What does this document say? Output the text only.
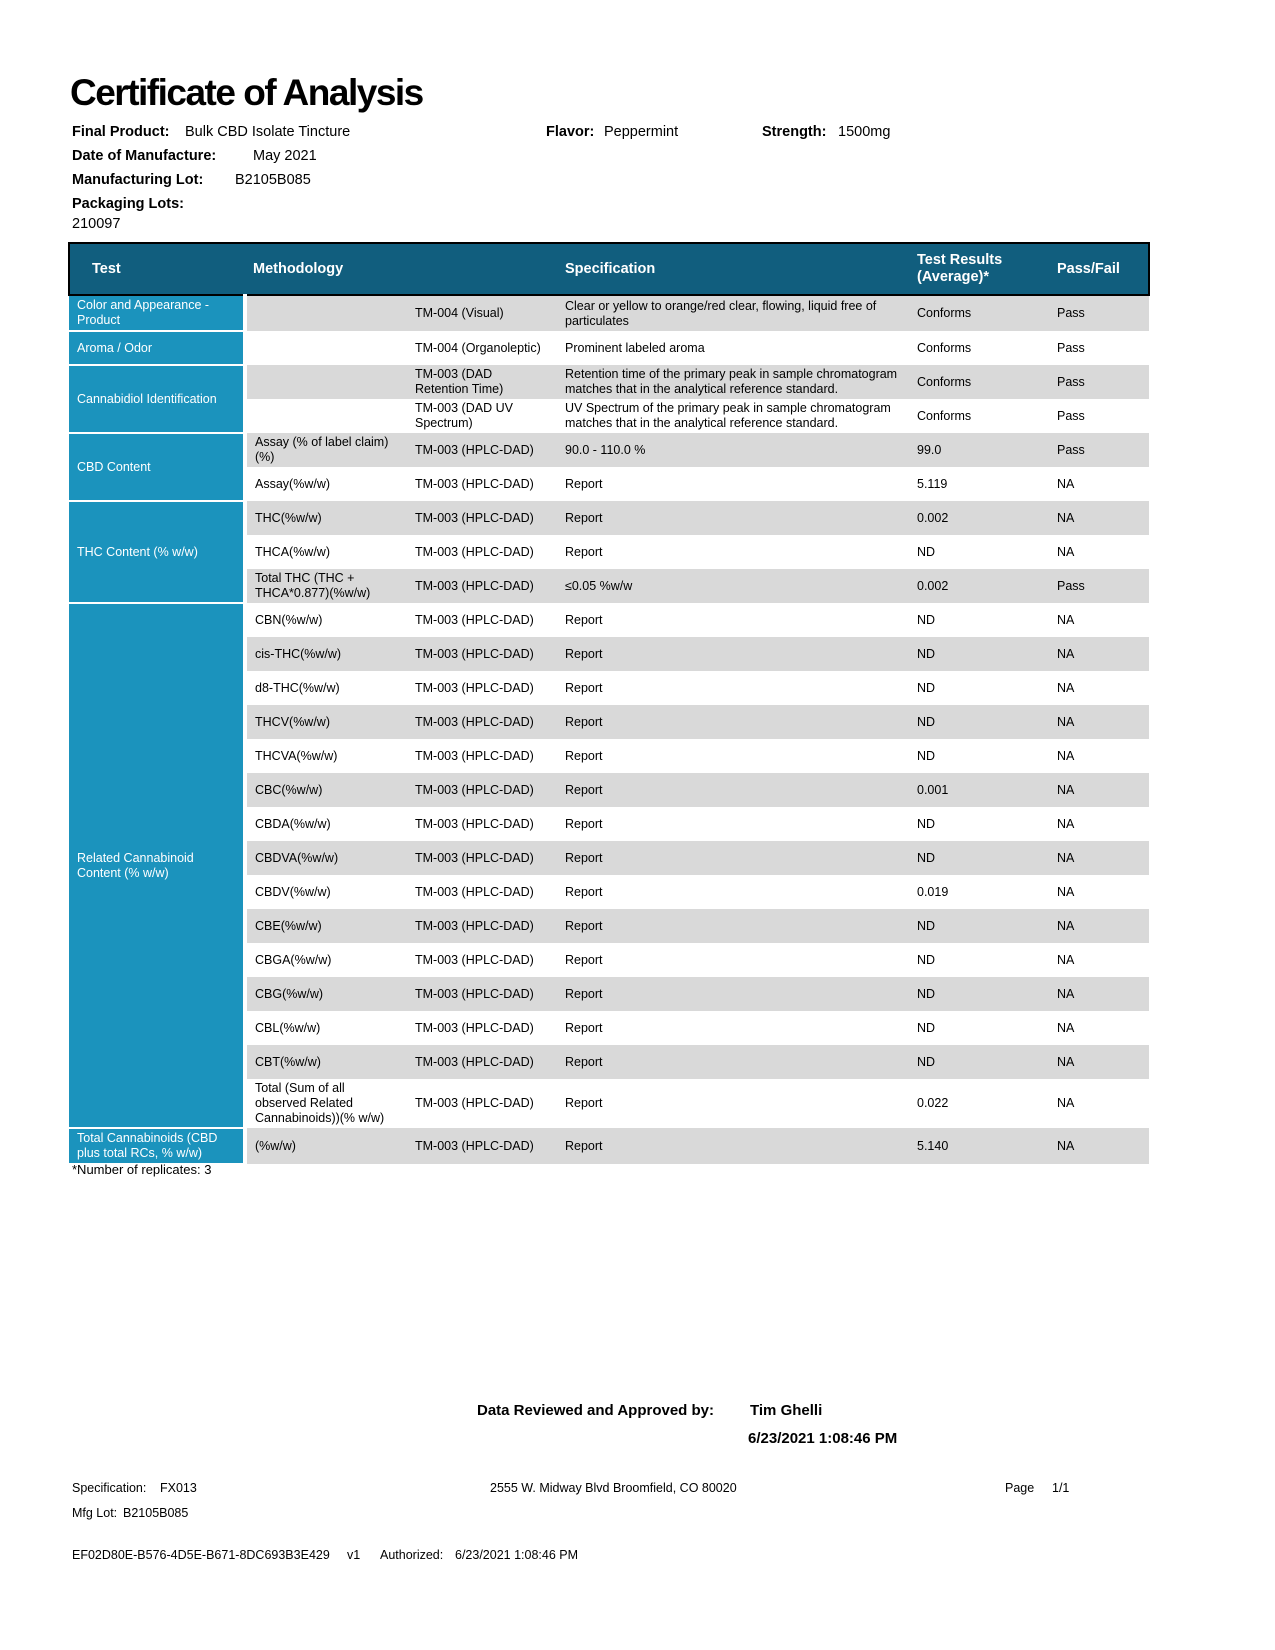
Certificate of Analysis
Final Product: Bulk CBD Isolate Tincture	Flavor: Peppermint	Strength: 1500mg
Date of Manufacture:	May 2021
Manufacturing Lot: B2105B085
Packaging Lots:
210097
Test	Methodology		Specification	Test Results (Average)*	Pass/Fail
Color and Appearance - Product		TM-004 (Visual)	Clear or yellow to orange/red clear, flowing, liquid free of particulates	Conforms	Pass
Aroma / Odor		TM-004 (Organoleptic)	Prominent labeled aroma	Conforms	Pass
Cannabidiol Identification		TM-003 (DAD Retention Time)	Retention time of the primary peak in sample chromatogram matches that in the analytical reference standard.	Conforms	Pass
		TM-003 (DAD UV Spectrum)	UV Spectrum of the primary peak in sample chromatogram matches that in the analytical reference standard.	Conforms	Pass
CBD Content	Assay (% of label claim)(%)	TM-003 (HPLC-DAD)	90.0 - 110.0 %	99.0	Pass
	Assay(%w/w)	TM-003 (HPLC-DAD)	Report	5.119	NA
THC Content (% w/w)	THC(%w/w)	TM-003 (HPLC-DAD)	Report	0.002	NA
	THCA(%w/w)	TM-003 (HPLC-DAD)	Report	ND	NA
	Total THC (THC + THCA*0.877)(%w/w)	TM-003 (HPLC-DAD)	≤0.05 %w/w	0.002	Pass
Related Cannabinoid Content (% w/w)	CBN(%w/w)	TM-003 (HPLC-DAD)	Report	ND	NA
	cis-THC(%w/w)	TM-003 (HPLC-DAD)	Report	ND	NA
	d8-THC(%w/w)	TM-003 (HPLC-DAD)	Report	ND	NA
	THCV(%w/w)	TM-003 (HPLC-DAD)	Report	ND	NA
	THCVA(%w/w)	TM-003 (HPLC-DAD)	Report	ND	NA
	CBC(%w/w)	TM-003 (HPLC-DAD)	Report	0.001	NA
	CBDA(%w/w)	TM-003 (HPLC-DAD)	Report	ND	NA
	CBDVA(%w/w)	TM-003 (HPLC-DAD)	Report	ND	NA
	CBDV(%w/w)	TM-003 (HPLC-DAD)	Report	0.019	NA
	CBE(%w/w)	TM-003 (HPLC-DAD)	Report	ND	NA
	CBGA(%w/w)	TM-003 (HPLC-DAD)	Report	ND	NA
	CBG(%w/w)	TM-003 (HPLC-DAD)	Report	ND	NA
	CBL(%w/w)	TM-003 (HPLC-DAD)	Report	ND	NA
	CBT(%w/w)	TM-003 (HPLC-DAD)	Report	ND	NA
	Total (Sum of all observed Related Cannabinoids))(% w/w)	TM-003 (HPLC-DAD)	Report	0.022	NA
Total Cannabinoids (CBD plus total RCs, % w/w)	(%w/w)	TM-003 (HPLC-DAD)	Report	5.140	NA
*Number of replicates: 3
Data Reviewed and Approved by: Tim Ghelli
6/23/2021 1:08:46 PM
Specification: FX013	2555 W. Midway Blvd Broomfield, CO 80020	Page 1/1
Mfg Lot: B2105B085
EF02D80E-B576-4D5E-B671-8DC693B3E429 v1 Authorized: 6/23/2021 1:08:46 PM
